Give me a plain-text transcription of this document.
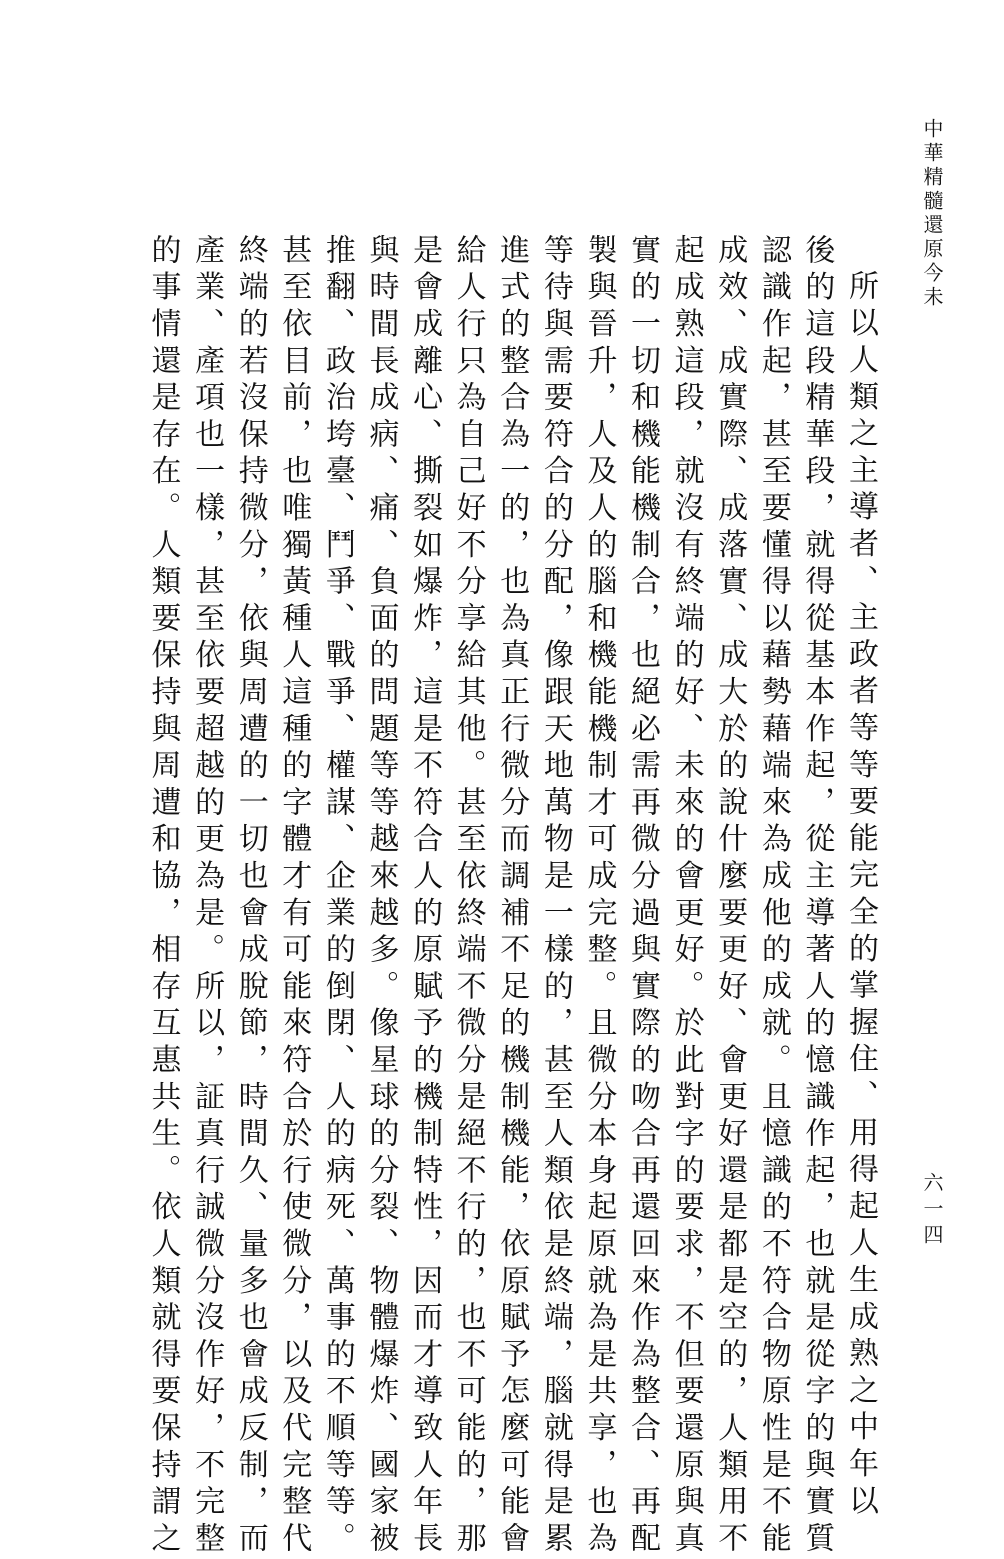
中華精髓還原今未
所以人類之主導者、主政者等等要能完全的掌握住、用得起人生成熟之中年以
後的這段精華段，就得從基本作起，從主導著人的憶識作起，也就是從字的與實質
認識作起，甚至要懂得以藉勢藉端來為成他的成就。且憶識的不符合物原性是不能
成效、成實際、成落實、成大於的說什麼要更好、會更好還是都是空的，人類用不
起成熟這段，就沒有終端的好、未來的會更好。於此對字的要求，不但要還原與真
實的一切和機能機制合，也絕必需再微分過與實際的吻合再還回來作為整合、再配
製與晉升，人及人的腦和機能機制才可成完整。且微分本身起原就為是共享，也為
等待與需要符合的分配，像跟天地萬物是一樣的，甚至人類依是終端，腦就得是累
進式的整合為一的，也為真正行微分而調補不足的機制機能，依原賦予怎麼可能會
給人行只為自己好不分享給其他。甚至依終端不微分是絕不行的，也不可能的，那
是會成離心、撕裂如爆炸，這是不符合人的原賦予的機制特性，因而才導致人年長
與時間長成病、痛、負面的問題等等越來越多。像星球的分裂、物體爆炸、國家被
推翻、政治垮臺、鬥爭、戰爭、權謀、企業的倒閉、人的病死、萬事的不順等等。
甚至依目前，也唯獨黃種人這種的字體才有可能來符合於行使微分，以及代完整代
終端的若沒保持微分，依與周遭的一切也會成脫節，時間久、量多也會成反制，而
產業、產項也一樣，甚至依要超越的更為是。所以，証真行誠微分沒作好，不完整
的事情還是存在。人類要保持與周遭和協，相存互惠共生。依人類就得要保持謂之	六一四
